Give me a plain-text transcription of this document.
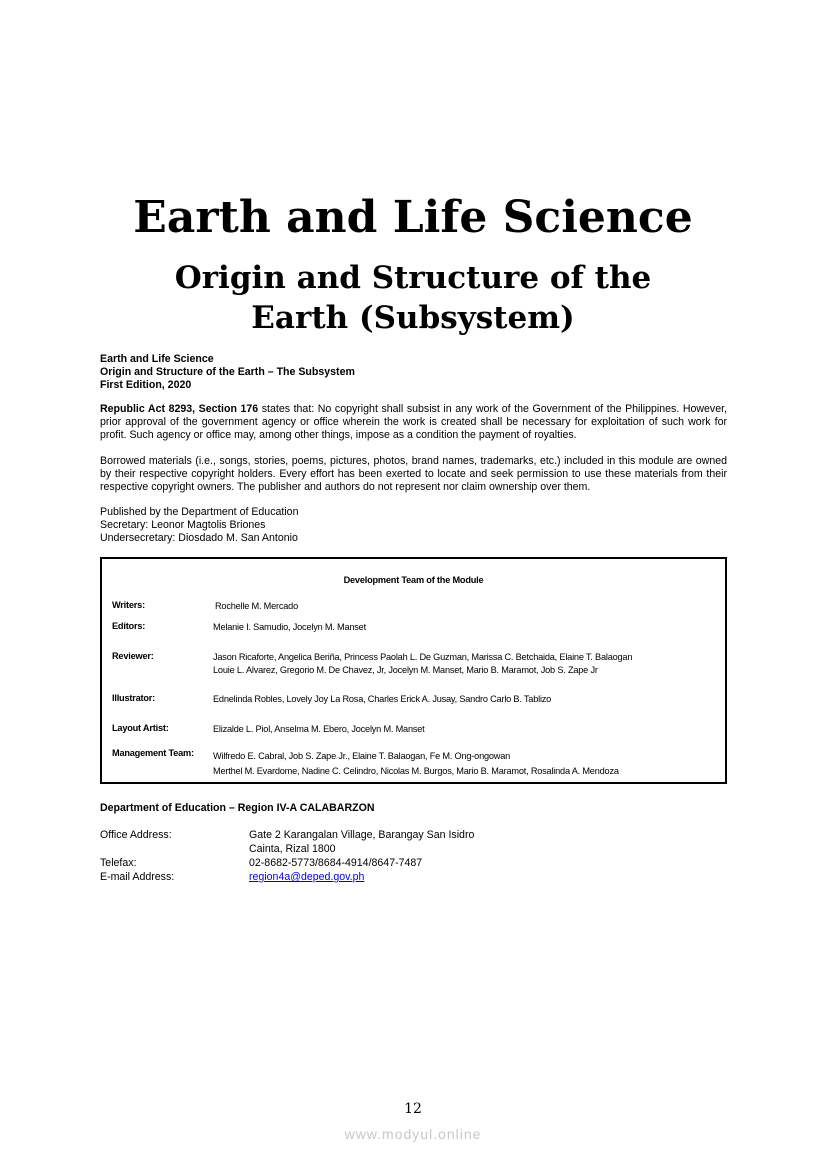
Earth and Life Science
Origin and Structure of the
Earth (Subsystem)
Earth and Life Science
Origin and Structure of the Earth – The Subsystem
First Edition, 2020

Republic Act 8293, Section 176 states that: No copyright shall subsist in any work of the Government of the Philippines. However, prior approval of the government agency or office wherein the work is created shall be necessary for exploitation of such work for profit. Such agency or office may, among other things, impose as a condition the payment of royalties.

Borrowed materials (i.e., songs, stories, poems, pictures, photos, brand names, trademarks, etc.) included in this module are owned by their respective copyright holders. Every effort has been exerted to locate and seek permission to use these materials from their respective copyright owners. The publisher and authors do not represent nor claim ownership over them.

Published by the Department of Education
Secretary: Leonor Magtolis Briones
Undersecretary: Diosdado M. San Antonio
Development Team of the Module
Writers:	Rochelle M. Mercado
Editors:	Melanie I. Samudio, Jocelyn M. Manset
Reviewer:	Jason Ricaforte, Angelica Beriña, Princess Paolah L. De Guzman, Marissa C. Betchaida, Elaine T. Balaogan
Louie L. Alvarez, Gregorio M. De Chavez, Jr, Jocelyn M. Manset, Mario B. Maramot, Job S. Zape Jr
Illustrator:	Ednelinda Robles, Lovely Joy La Rosa, Charles Erick A. Jusay, Sandro Carlo B. Tablizo
Layout Artist:	Elizalde L. Piol, Anselma M. Ebero, Jocelyn M. Manset
Management Team: Wilfredo E. Cabral, Job S. Zape Jr., Elaine T. Balaogan, Fe M. Ong-ongowan
Merthel M. Evardome, Nadine C. Celindro, Nicolas M. Burgos, Mario B. Maramot, Rosalinda A. Mendoza
Department of Education – Region IV-A CALABARZON
Office Address:	Gate 2 Karangalan Village, Barangay San Isidro
Cainta, Rizal 1800
Telefax:	02-8682-5773/8684-4914/8647-7487
E-mail Address:	region4a@deped.gov.ph
12
www.modyul.online
